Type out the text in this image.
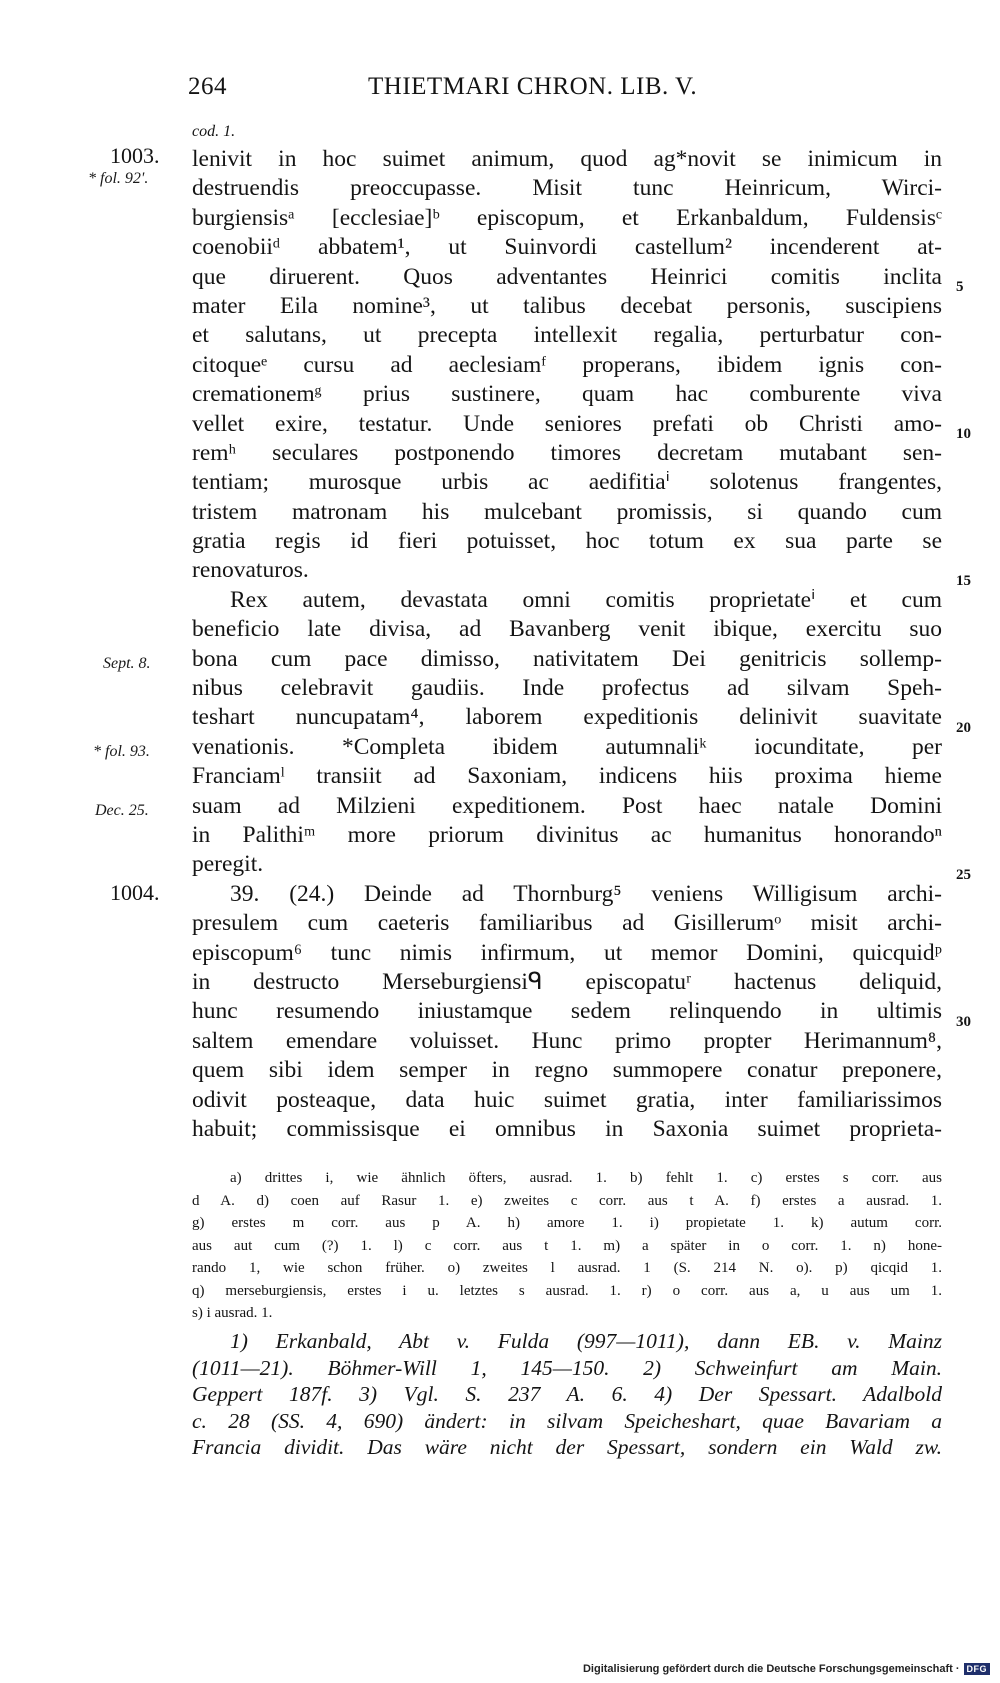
264	THIETMARI CHRON. LIB. V.
cod. 1.
1003.
* fol. 92'.
Sept. 8.
* fol. 93.
Dec. 25.
1004.
5
10
15
20
25
30
lenivit in hoc suimet animum, quod ag*novit se inimicum in
destruendis preoccupasse. Misit tunc Heinricum, Wirci-
burgiensisᵃ [ecclesiae]ᵇ episcopum, et Erkanbaldum, Fuldensisᶜ
coenobiiᵈ abbatem¹, ut Suinvordi castellum² incenderent at-
que diruerent. Quos adventantes Heinrici comitis inclita
mater Eila nomine³, ut talibus decebat personis, suscipiens
et salutans, ut precepta intellexit regalia, perturbatur con-
citoqueᵉ cursu ad aeclesiamᶠ properans, ibidem ignis con-
cremationemᵍ prius sustinere, quam hac comburente viva
vellet exire, testatur. Unde seniores prefati ob Christi amo-
remʰ seculares postponendo timores decretam mutabant sen-
tentiam; murosque urbis ac aedifitiaⁱ solotenus frangentes,
tristem matronam his mulcebant promissis, si quando cum
gratia regis id fieri potuisset, hoc totum ex sua parte se
renovaturos.
Rex autem, devastata omni comitis proprietateⁱ et cum
beneficio late divisa, ad Bavanberg venit ibique, exercitu suo
bona cum pace dimisso, nativitatem Dei genitricis sollemp-
nibus celebravit gaudiis. Inde profectus ad silvam Speh-
teshart nuncupatam⁴, laborem expeditionis delinivit suavitate
venationis. *Completa ibidem autumnaliᵏ iocunditate, per
Franciamˡ transiit ad Saxoniam, indicens hiis proxima hieme
suam ad Milzieni expeditionem. Post haec natale Domini
in Palithiᵐ more priorum divinitus ac humanitus honorandoⁿ
peregit.
39. (24.) Deinde ad Thornburg⁵ veniens Willigisum archi-
presulem cum caeteris familiaribus ad Gisillerumᵒ misit archi-
episcopum⁶ tunc nimis infirmum, ut memor Domini, quicquidᵖ
in destructo Merseburgiensiᑫ episcopatuʳ hactenus deliquid,
hunc resumendo iniustamque sedem relinquendo in ultimis
saltem emendare voluisset. Hunc primo propter Herimannum⁸,
quem sibi idem semper in regno summopere conatur preponere,
odivit posteaque, data huic suimet gratia, inter familiarissimos
habuit; commissisque ei omnibus in Saxonia suimet proprieta-
a) drittes i, wie ähnlich öfters, ausrad. 1. b) fehlt 1. c) erstes s corr. aus
d A. d) coen auf Rasur 1. e) zweites c corr. aus t A. f) erstes a ausrad. 1.
g) erstes m corr. aus p A. h) amore 1. i) propietate 1. k) autum corr.
aus aut cum (?) 1. l) c corr. aus t 1. m) a später in o corr. 1. n) hone-
rando 1, wie schon früher. o) zweites l ausrad. 1 (S. 214 N. o). p) qicqid 1.
q) merseburgiensis, erstes i u. letztes s ausrad. 1. r) o corr. aus a, u aus um 1.
s) i ausrad. 1.
1) Erkanbald, Abt v. Fulda (997—1011), dann EB. v. Mainz
(1011—21). Böhmer-Will 1, 145—150. 2) Schweinfurt am Main.
Geppert 187f. 3) Vgl. S. 237 A. 6. 4) Der Spessart. Adalbold
c. 28 (SS. 4, 690) ändert: in silvam Speicheshart, quae Bavariam a
Francia dividit. Das wäre nicht der Spessart, sondern ein Wald zw.
Digitalisierung gefördert durch die Deutsche Forschungsgemeinschaft · DFG
